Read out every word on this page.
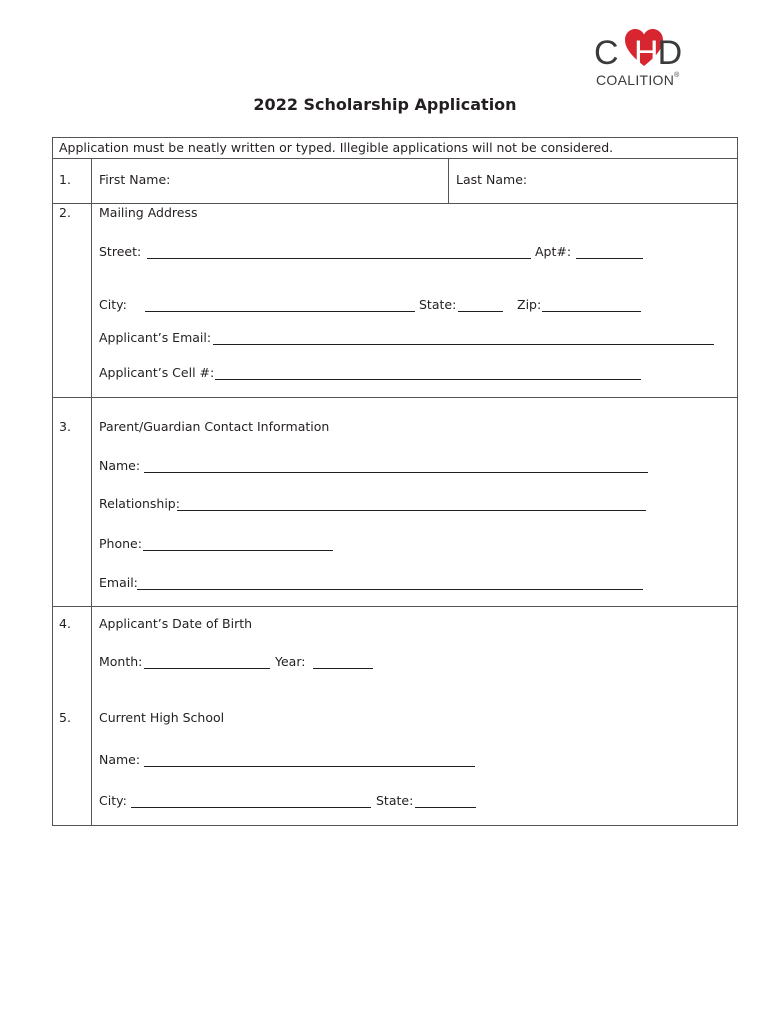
C D
H
COALITION®
2022 Scholarship Application
Application must be neatly written or typed. Illegible applications will not be considered.
1. First Name:	Last Name:
2. Mailing Address
Street:	Apt#:
City:	State:	Zip:
Applicant’s Email:
Applicant’s Cell #:
3. Parent/Guardian Contact Information
Name:
Relationship:
Phone:
Email:
4. Applicant’s Date of Birth
Month:	Year:
5. Current High School
Name:
City:	State:
